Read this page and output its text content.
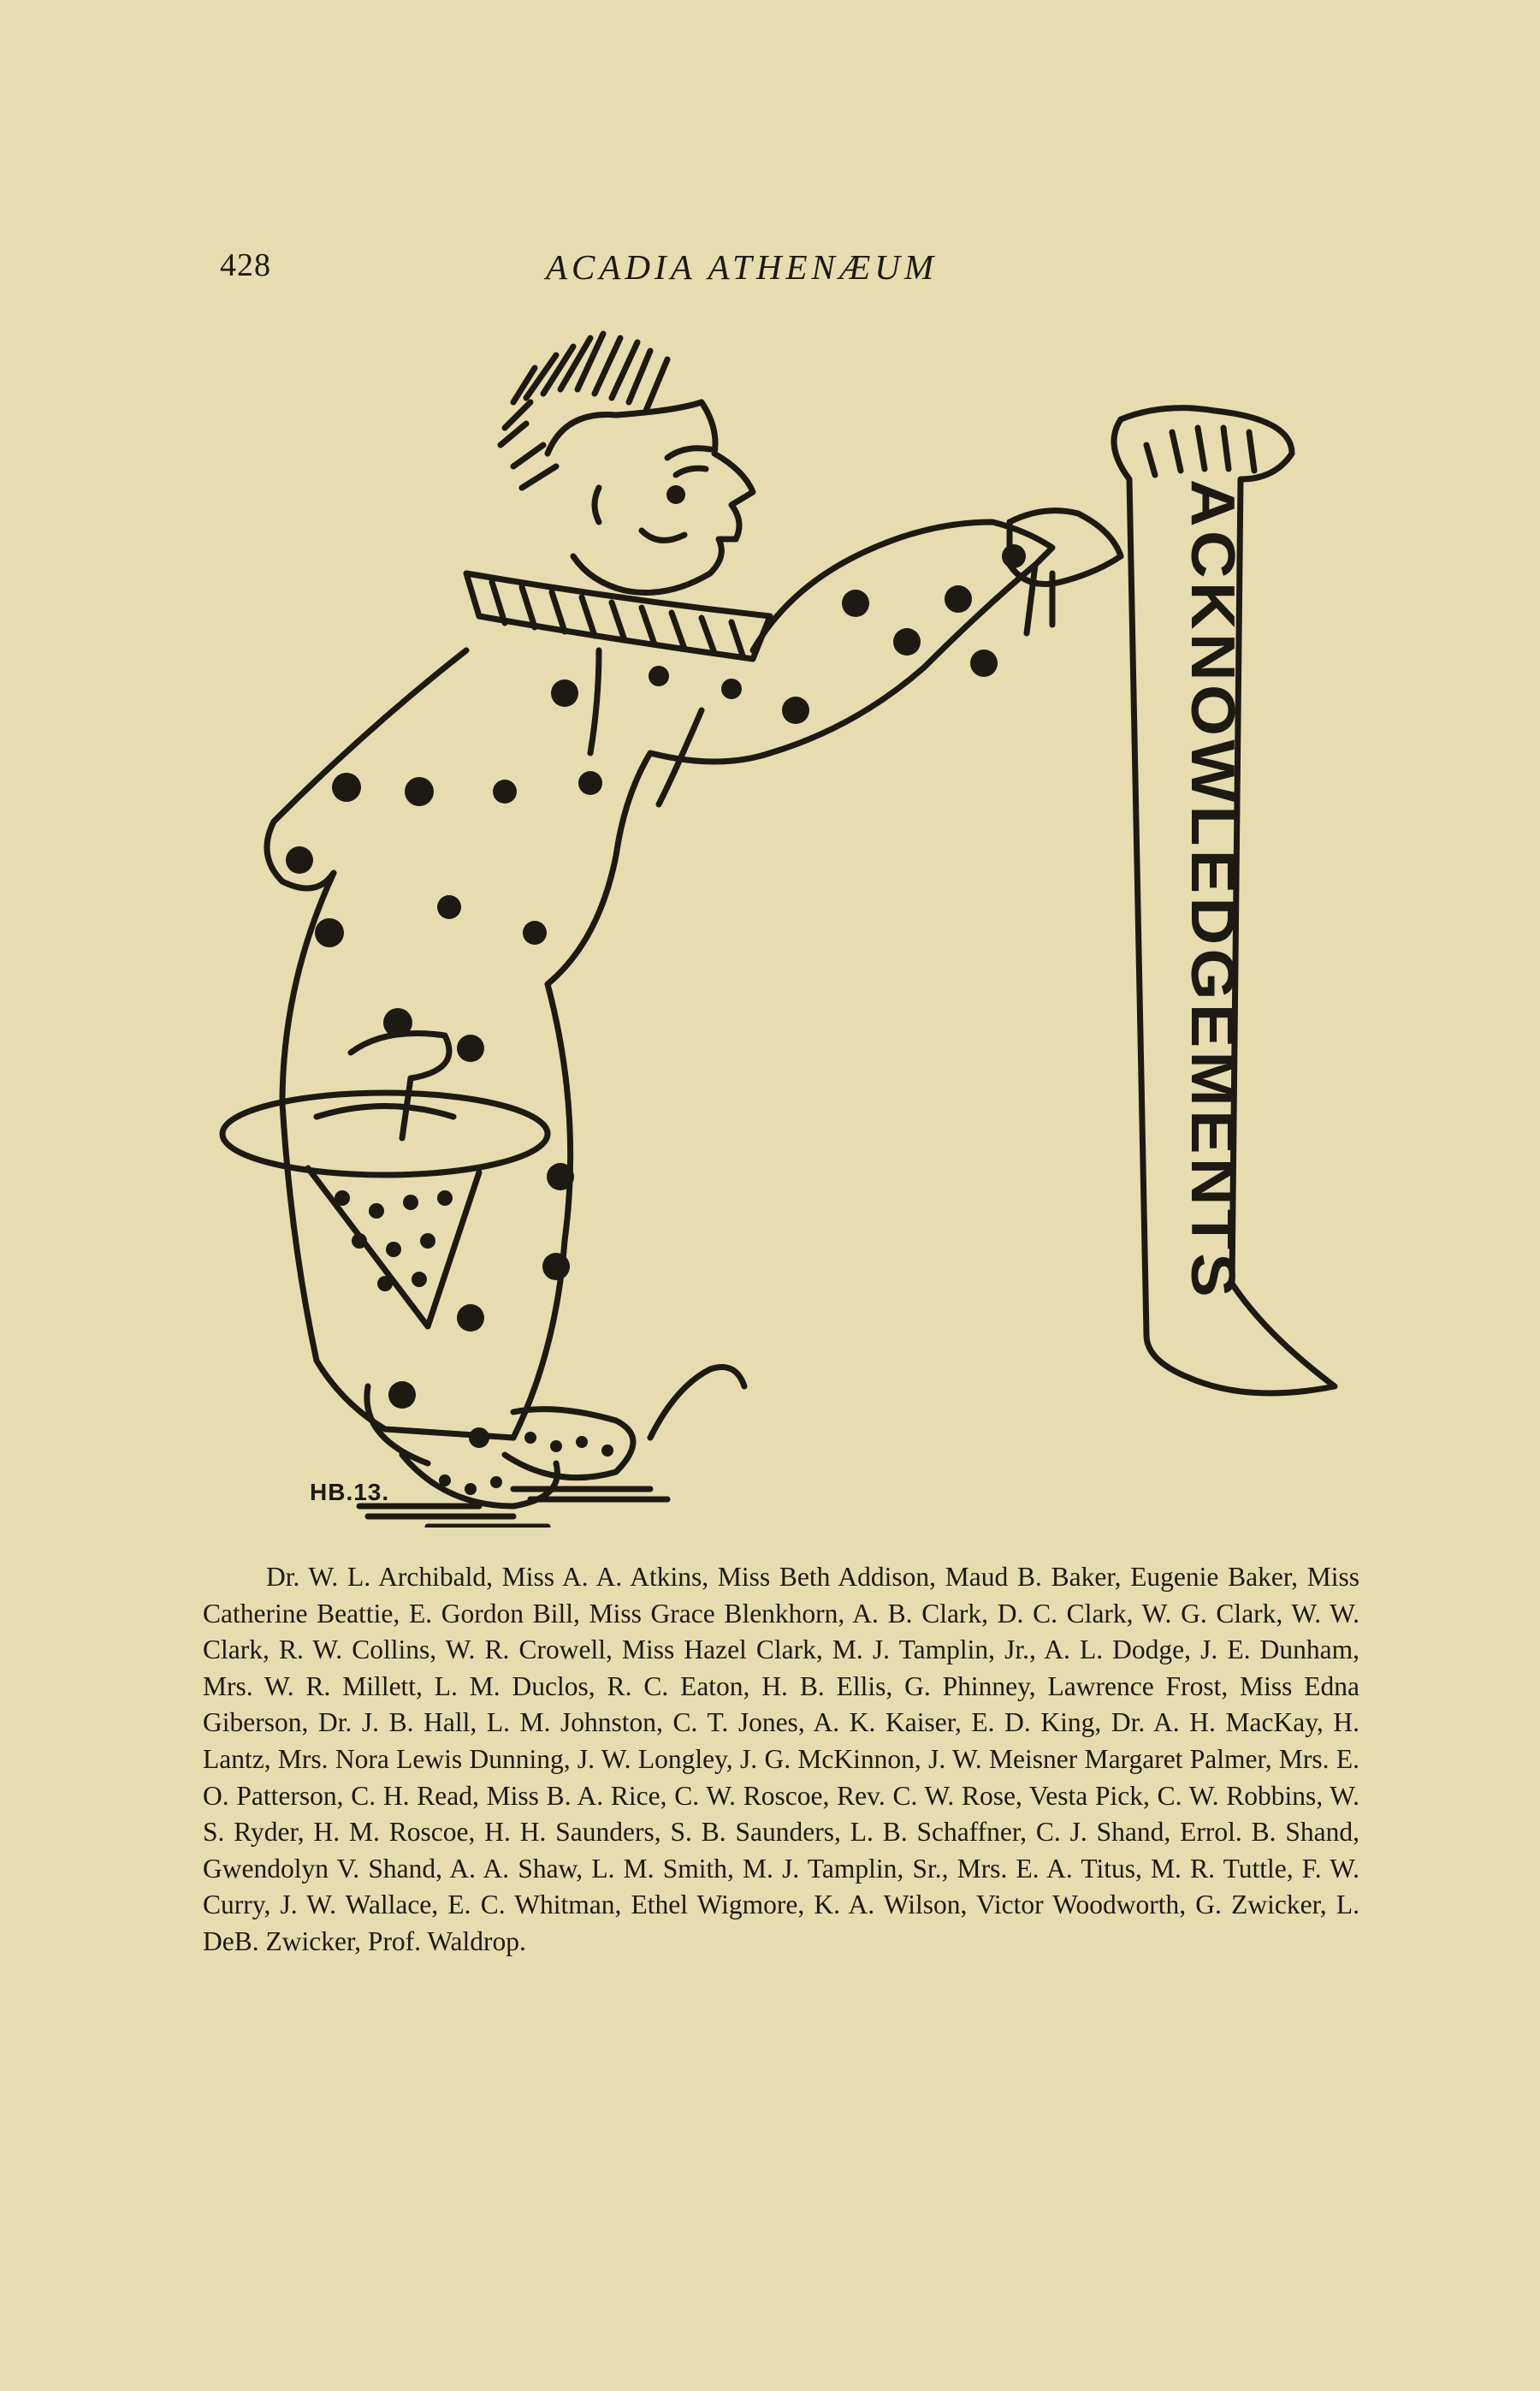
428	ACADIA ATHENÆUM
ACKNOWLEDGEMENTS
HB.13.

Dr. W. L. Archibald, Miss A. A. Atkins, Miss Beth Addison, Maud B. Baker, Eugenie Baker, Miss Catherine Beattie, E. Gordon Bill, Miss Grace Blenkhorn, A. B. Clark, D. C. Clark, W. G. Clark, W. W. Clark, R. W. Collins, W. R. Crowell, Miss Hazel Clark, M. J. Tamplin, Jr., A. L. Dodge, J. E. Dunham, Mrs. W. R. Millett, L. M. Duclos, R. C. Eaton, H. B. Ellis, G. Phinney, Lawrence Frost, Miss Edna Giberson, Dr. J. B. Hall, L. M. Johnston, C. T. Jones, A. K. Kaiser, E. D. King, Dr. A. H. MacKay, H. Lantz, Mrs. Nora Lewis Dunning, J. W. Longley, J. G. McKinnon, J. W. Meisner Margaret Palmer, Mrs. E. O. Patterson, C. H. Read, Miss B. A. Rice, C. W. Roscoe, Rev. C. W. Rose, Vesta Pick, C. W. Robbins, W. S. Ryder, H. M. Roscoe, H. H. Saunders, S. B. Saunders, L. B. Schaffner, C. J. Shand, Errol. B. Shand, Gwendolyn V. Shand, A. A. Shaw, L. M. Smith, M. J. Tamplin, Sr., Mrs. E. A. Titus, M. R. Tuttle, F. W. Curry, J. W. Wallace, E. C. Whitman, Ethel Wigmore, K. A. Wilson, Victor Woodworth, G. Zwicker, L. DeB. Zwicker, Prof. Waldrop.
